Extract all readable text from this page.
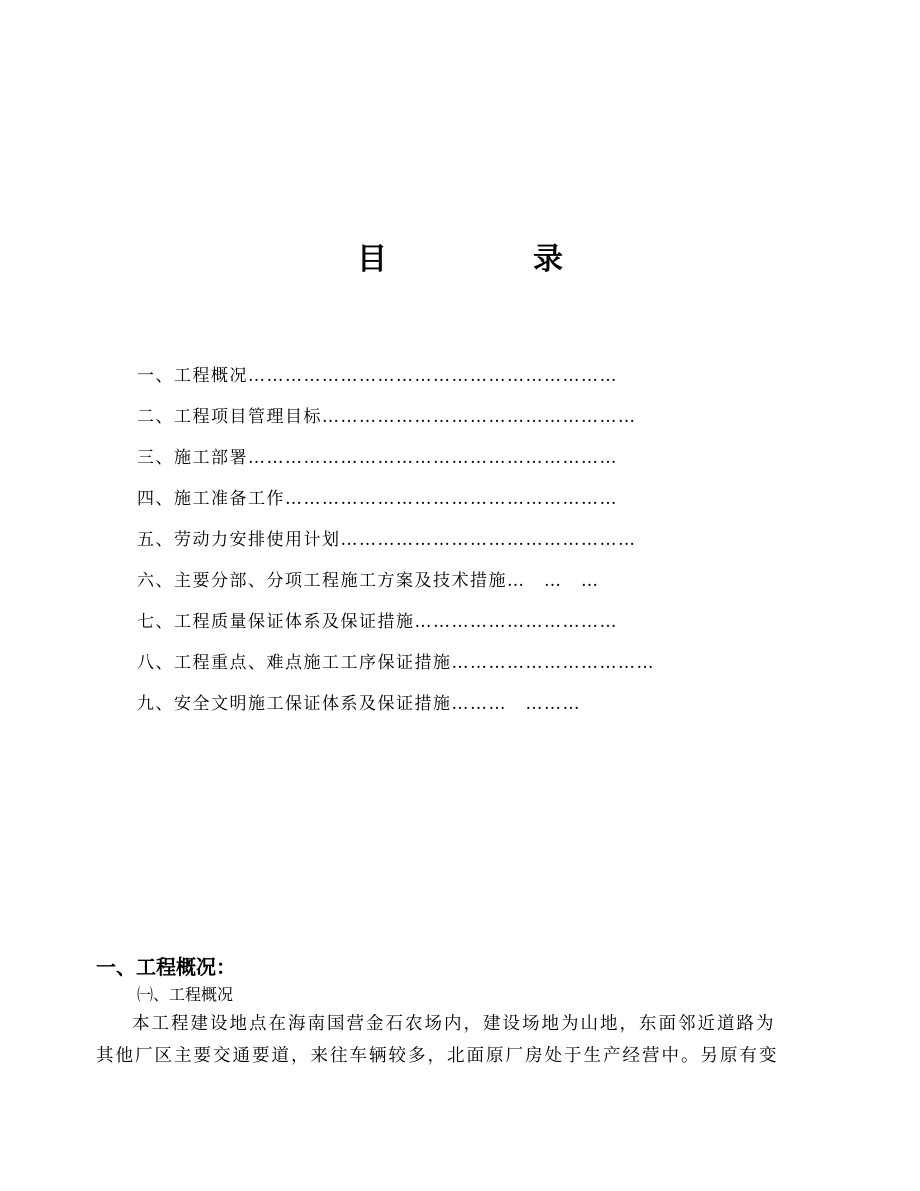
目　录
一、工程概况……………………………………………………
二、工程项目管理目标……………………………………………
三、施工部署……………………………………………………
四、施工准备工作………………………………………………
五、劳动力安排使用计划…………………………………………
六、主要分部、分项工程施工方案及技术措施…　…　…
七、工程质量保证体系及保证措施……………………………
八、工程重点、难点施工工序保证措施……………………………
九、安全文明施工保证体系及保证措施………　………
一、工程概况：
㈠、工程概况
本工程建设地点在海南国营金石农场内，建设场地为山地，东面邻近道路为
其他厂区主要交通要道，来往车辆较多，北面原厂房处于生产经营中。另原有变
